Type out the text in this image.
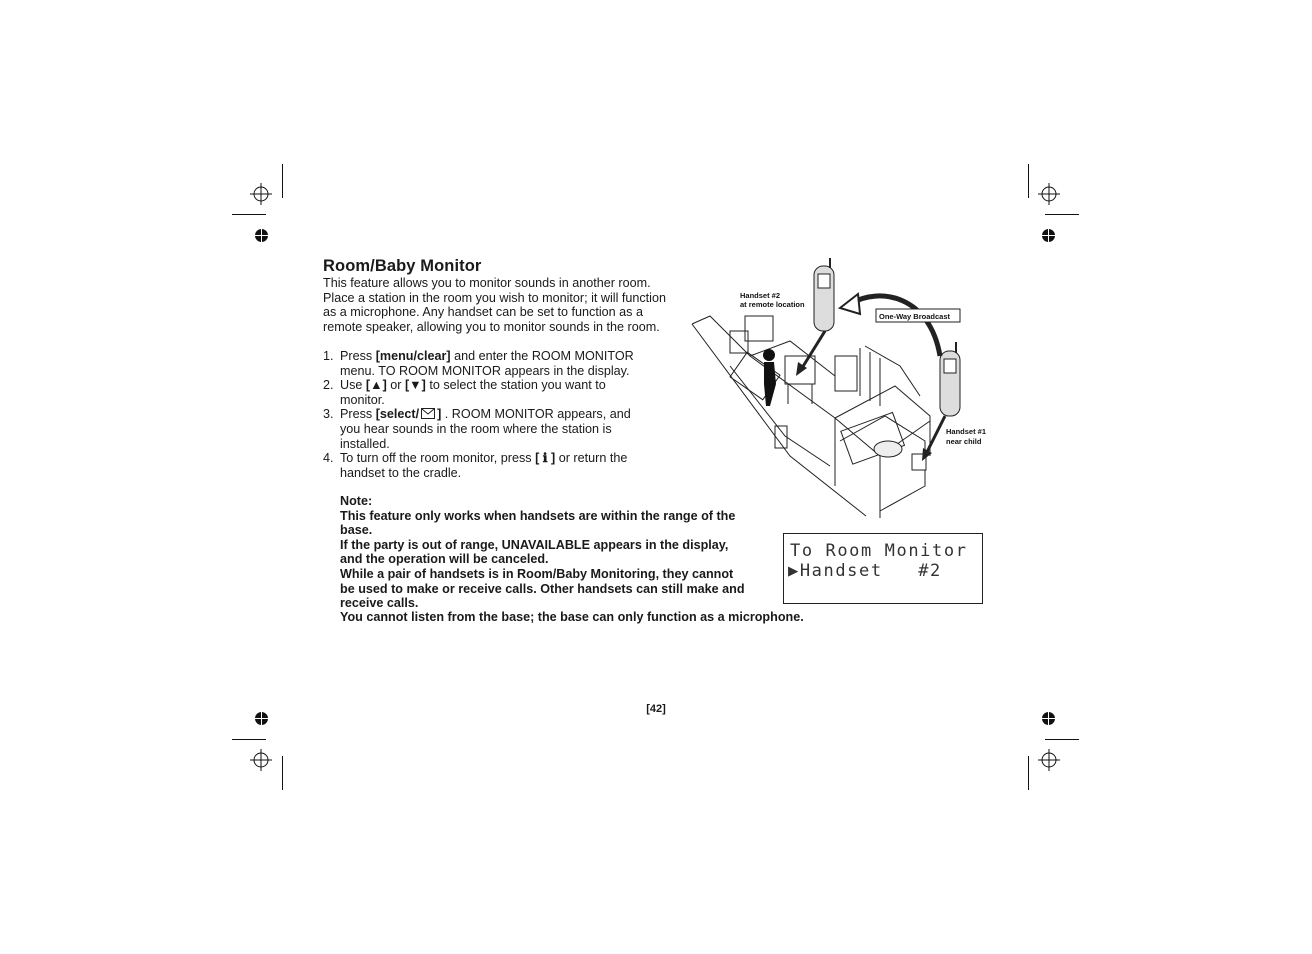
Room/Baby Monitor
This feature allows you to monitor sounds in another room. Place a station in the room you wish to monitor; it will function as a microphone. Any handset can be set to function as a remote speaker, allowing you to monitor sounds in the room.
1. Press [menu/clear] and enter the ROOM MONITOR menu. TO ROOM MONITOR appears in the display.
2. Use [▲] or [▼] to select the station you want to monitor.
3. Press [select/ ] . ROOM MONITOR appears, and you hear sounds in the room where the station is installed.
4. To turn off the room monitor, press [ ℹ ] or return the handset to the cradle.
Note:
This feature only works when handsets are within the range of the base.
If the party is out of range, UNAVAILABLE appears in the display, and the operation will be canceled.
While a pair of handsets is in Room/Baby Monitoring, they cannot be used to make or receive calls. Other handsets can still make and receive calls.
You cannot listen from the base; the base can only function as a microphone.
Handset #2
at remote location
One-Way Broadcast
Handset #1
near child
To Room Monitor
▶Handset   #2
[42]
